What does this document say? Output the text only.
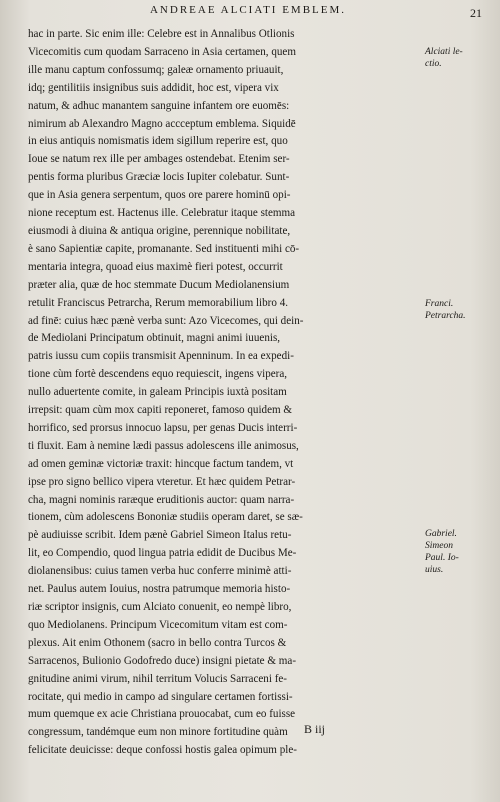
ANDREAE ALCIATI EMBLEM.	21
hac in parte. Sic enim ille: Celebre est in Annalibus Otlionis
Vicecomitis cum quodam Sarraceno in Asia certamen, quem
ille manu captum confossumq; galeæ ornamento priuauit,
idq; gentilitiis insignibus suis addidit, hoc est, vipera vix
natum, & adhuc manantem sanguine infantem ore euomēs:
nimirum ab Alexandro Magno accceptum emblema. Siquidē
in eius antiquis nomismatis idem sigillum reperire est, quo
Ioue se natum rex ille per ambages ostendebat. Etenim ser-
pentis forma pluribus Græciæ locis Iupiter colebatur. Sunt-
que in Asia genera serpentum, quos ore parere hominū opi-
nione receptum est. Hactenus ille. Celebratur itaque stemma
eiusmodi à diuina & antiqua origine, perennique nobilitate,
è sano Sapientiæ capite, promanante. Sed instituenti mihi cō-
mentaria integra, quoad eius maximè fieri potest, occurrit
præter alia, quæ de hoc stemmate Ducum Mediolanensium
retulit Franciscus Petrarcha, Rerum memorabilium libro 4.
ad finē: cuius hæc pænè verba sunt: Azo Vicecomes, qui dein-
de Mediolani Principatum obtinuit, magni animi iuuenis,
patris iussu cum copiis transmisit Apenninum. In ea expedi-
tione cùm fortè descendens equo requiescit, ingens vipera,
nullo aduertente comite, in galeam Principis iuxtà positam
irrepsit: quam cùm mox capiti reponeret, famoso quidem &
horrifico, sed prorsus innocuo lapsu, per genas Ducis interri-
ti fluxit. Eam à nemine lædi passus adolescens ille animosus,
ad omen geminæ victoriæ traxit: hincque factum tandem, vt
ipse pro signo bellico vipera vteretur. Et hæc quidem Petrar-
cha, magni nominis raræque eruditionis auctor: quam narra-
tionem, cùm adolescens Bononiæ studiis operam daret, se sæ-
pè audiuisse scribit. Idem pænè Gabriel Simeon Italus retu-
lit, eo Compendio, quod lingua patria edidit de Ducibus Me-
diolanensibus: cuius tamen verba huc conferre minimè atti-
net. Paulus autem Iouius, nostra patrumque memoria histo-
riæ scriptor insignis, cum Alciato conuenit, eo nempè libro,
quo Mediolanens. Principum Vicecomitum vitam est com-
plexus. Ait enim Othonem (sacro in bello contra Turcos &
Sarracenos, Bulionio Godofredo duce) insigni pietate & ma-
gnitudine animi virum, nihil territum Volucis Sarraceni fe-
rocitate, qui medio in campo ad singulare certamen fortissi-
mum quemque ex acie Christiana prouocabat, cum eo fuisse
congressum, tandémque eum non minore fortitudine quàm
felicitate deuicisse: deque confossi hostis galea opimum ple-
Alciati le-
ctio.
Franci.
Petrarcha.
Gabriel.
Simeon
Paul. Io-
uius.
B iij
